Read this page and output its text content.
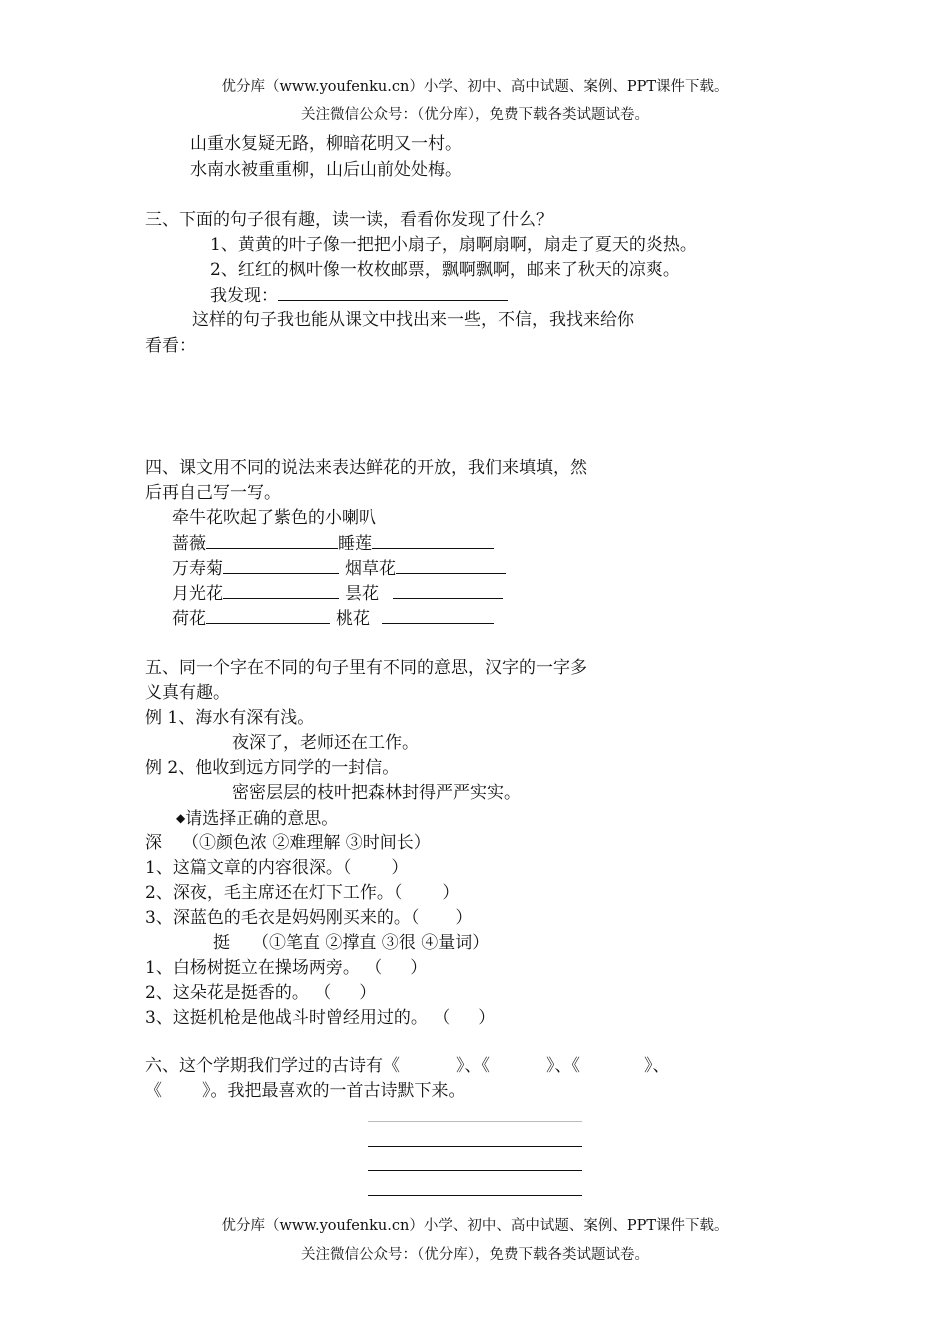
优分库（www.youfenku.cn）小学、初中、高中试题、案例、PPT课件下载。
关注微信公众号：（优分库），免费下载各类试题试卷。
山重水复疑无路，柳暗花明又一村。
水南水被重重柳，山后山前处处梅。
三、下面的句子很有趣，读一读，看看你发现了什么？
1、黄黄的叶子像一把把小扇子，扇啊扇啊，扇走了夏天的炎热。
2、红红的枫叶像一枚枚邮票，飘啊飘啊，邮来了秋天的凉爽。
我发现：
这样的句子我也能从课文中找出来一些，不信，我找来给你
看看：
四、课文用不同的说法来表达鲜花的开放，我们来填填，然
后再自己写一写。
牵牛花吹起了紫色的小喇叭
蔷薇	睡莲
万寿菊	烟草花
月光花	昙花
荷花	桃花
五、同一个字在不同的句子里有不同的意思，汉字的一字多
义真有趣。
例 1、海水有深有浅。
夜深了，老师还在工作。
例 2、他收到远方同学的一封信。
密密层层的枝叶把森林封得严严实实。
◆请选择正确的意思。
深 （①颜色浓 ②难理解 ③时间长）
1、这篇文章的内容很深。（ ）
2、深夜，毛主席还在灯下工作。（ ）
3、深蓝色的毛衣是妈妈刚买来的。（ ）
挺 （①笔直 ②撑直 ③很 ④量词）
1、白杨树挺立在操场两旁。 （ ）
2、这朵花是挺香的。 （ ）
3、这挺机枪是他战斗时曾经用过的。 （ ）
六、这个学期我们学过的古诗有《	》、《	》、《	》、
《 》。我把最喜欢的一首古诗默下来。
优分库（www.youfenku.cn）小学、初中、高中试题、案例、PPT课件下载。
关注微信公众号：（优分库），免费下载各类试题试卷。
